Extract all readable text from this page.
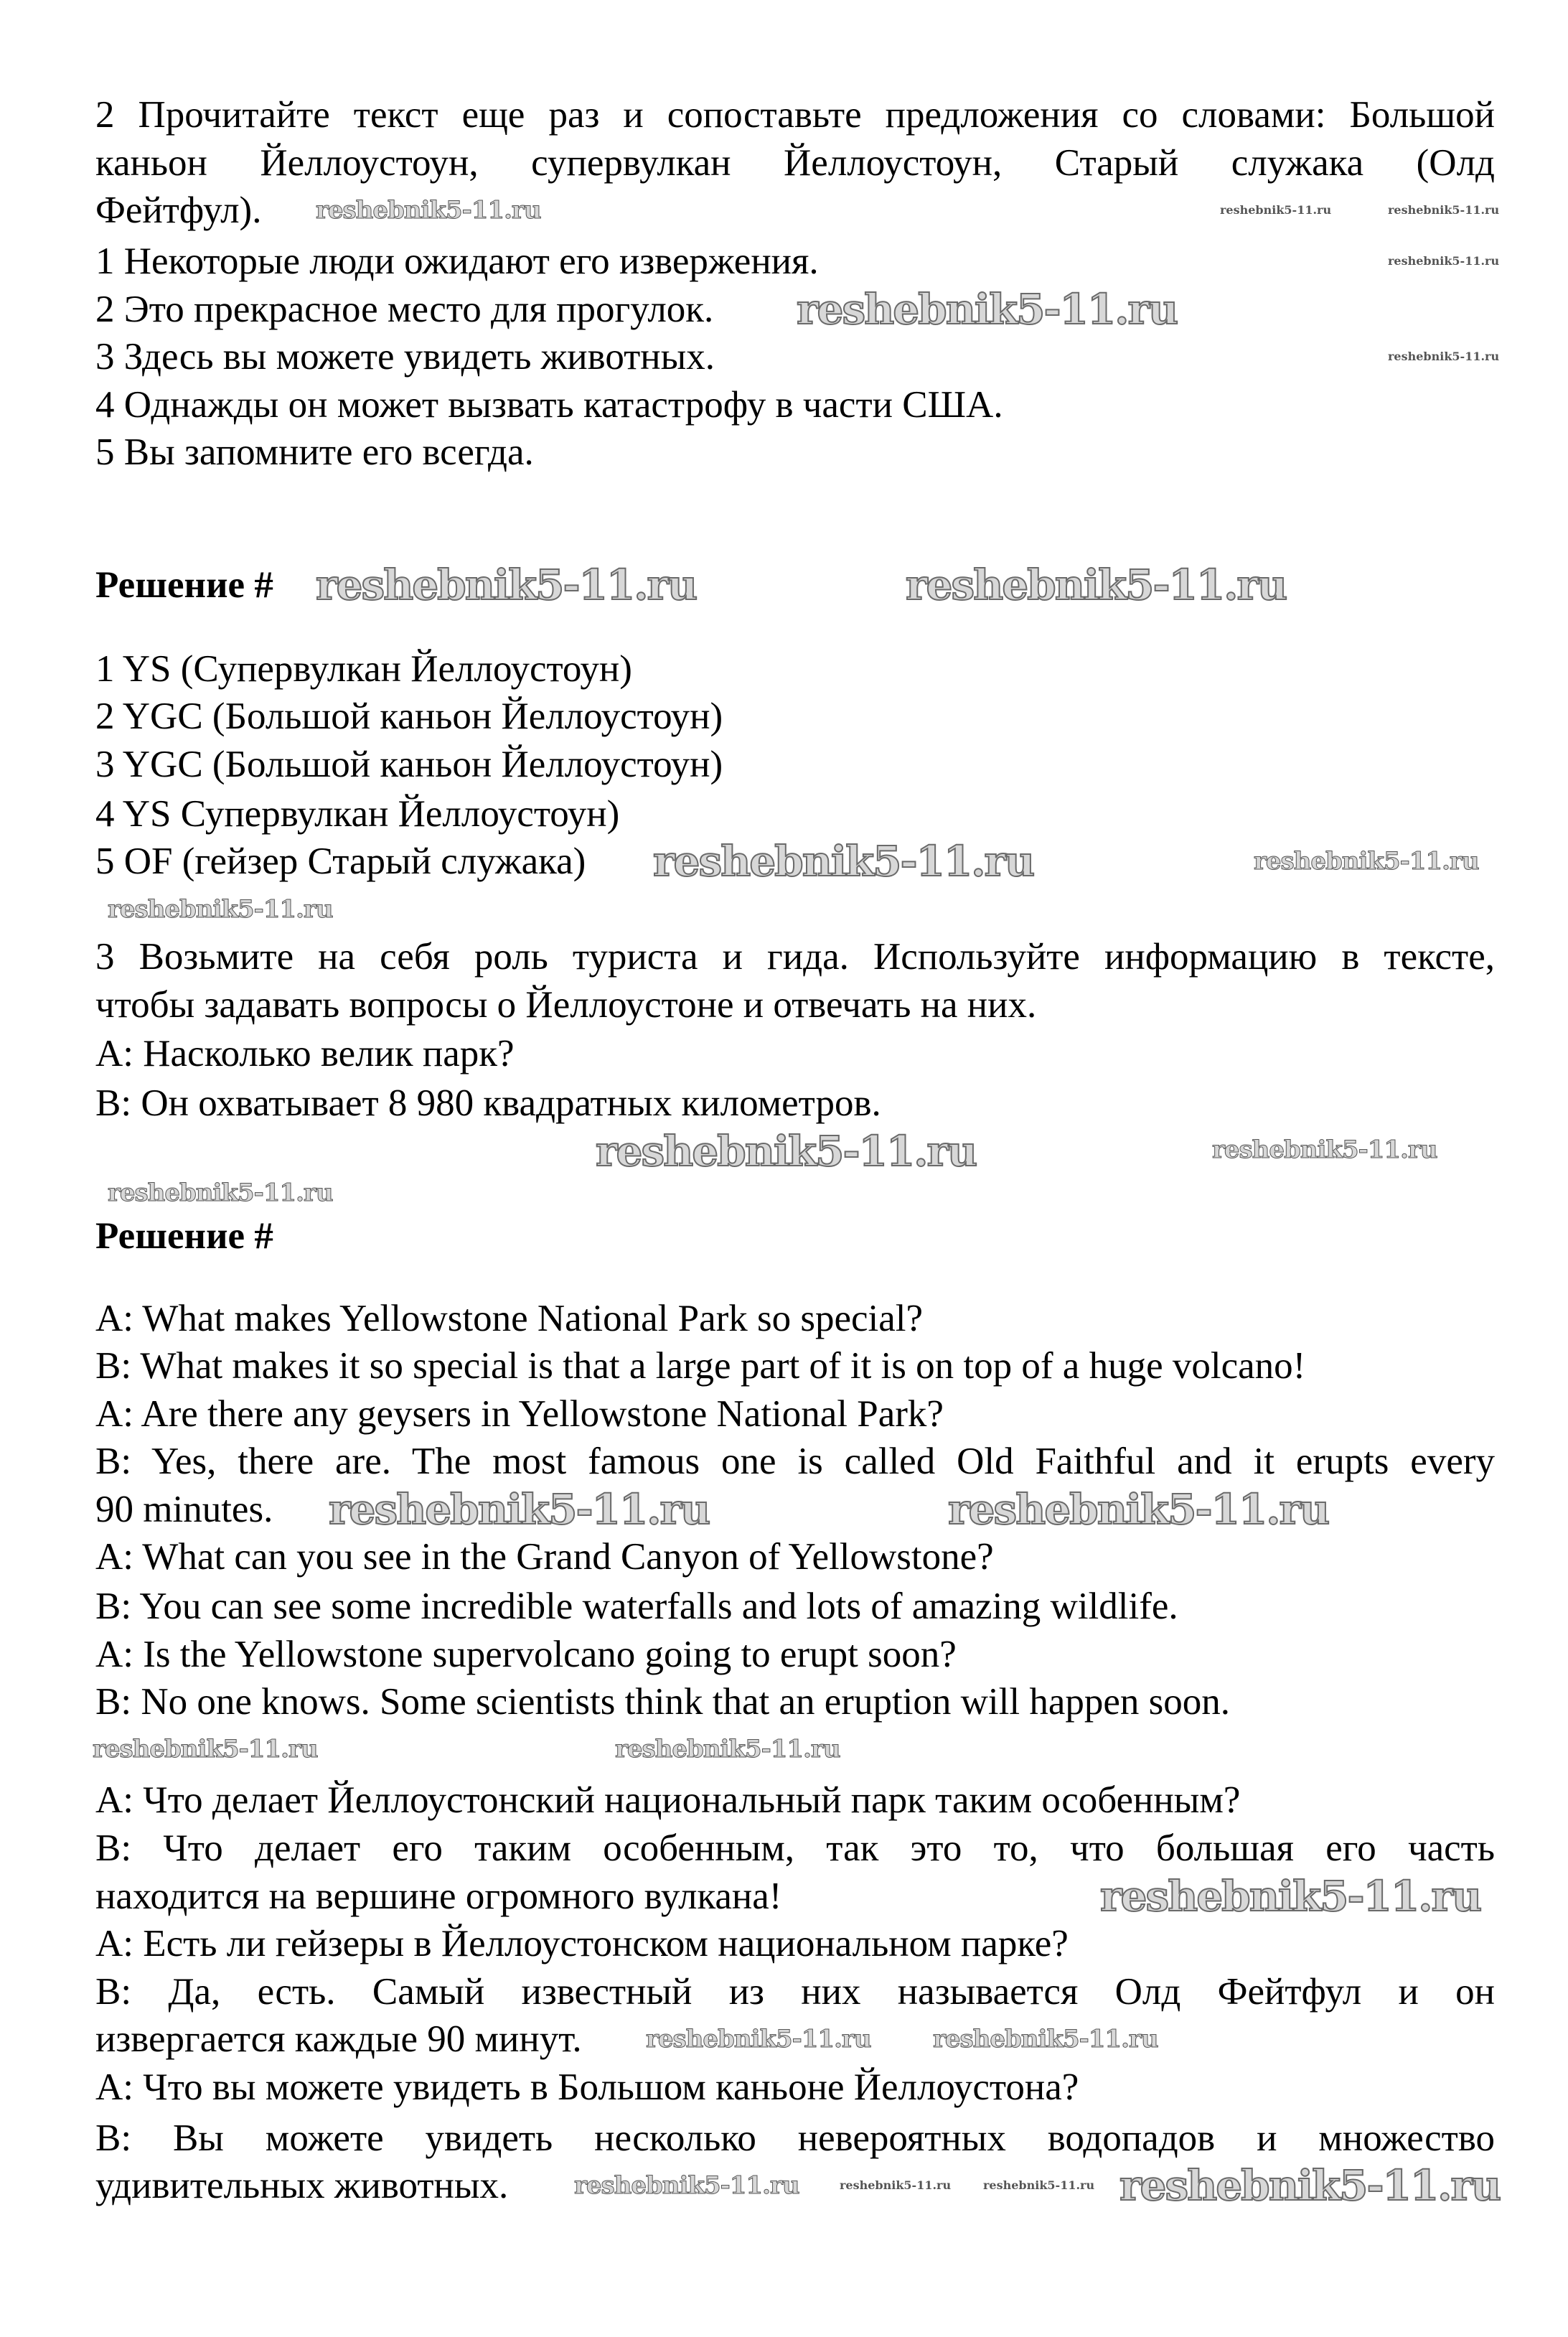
2 Прочитайте текст еще раз и сопоставьте предложения со словами: Большой
каньон Йеллоустоун, супервулкан Йеллоустоун, Старый служака (Олд
Фейтфул).
1 Некоторые люди ожидают его извержения.
2 Это прекрасное место для прогулок.
3 Здесь вы можете увидеть животных.
4 Однажды он может вызвать катастрофу в части США.
5 Вы запомните его всегда.
Решение #
1 YS (Супервулкан Йеллоустоун)
2 YGC (Большой каньон Йеллоустоун)
3 YGC (Большой каньон Йеллоустоун)
4 YS Супервулкан Йеллоустоун)
5 OF (гейзер Старый служака)
3 Возьмите на себя роль туриста и гида. Используйте информацию в тексте,
чтобы задавать вопросы о Йеллоустоне и отвечать на них.
A: Насколько велик парк?
B: Он охватывает 8 980 квадратных километров.
Решение #
A: What makes Yellowstone National Park so special?
B: What makes it so special is that a large part of it is on top of a huge volcano!
A: Are there any geysers in Yellowstone National Park?
B: Yes, there are. The most famous one is called Old Faithful and it erupts every
90 minutes.
A: What can you see in the Grand Canyon of Yellowstone?
B: You can see some incredible waterfalls and lots of amazing wildlife.
A: Is the Yellowstone supervolcano going to erupt soon?
B: No one knows. Some scientists think that an eruption will happen soon.
A: Что делает Йеллоустонский национальный парк таким особенным?
B: Что делает его таким особенным, так это то, что большая его часть
находится на вершине огромного вулкана!
A: Есть ли гейзеры в Йеллоустонском национальном парке?
B: Да, есть. Самый известный из них называется Олд Фейтфул и он
извергается каждые 90 минут.
A: Что вы можете увидеть в Большом каньоне Йеллоустона?
B: Вы можете увидеть несколько невероятных водопадов и множество
удивительных животных.
reshebnik5-11.ru	reshebnik5-11.ru
reshebnik5-11.ru
reshebnik5-11.ru
reshebnik5-11.ru
reshebnik5-11.ru
reshebnik5-11.ru	reshebnik5-11.ru
reshebnik5-11.ru	reshebnik5-11.ru
reshebnik5-11.ru
reshebnik5-11.ru	reshebnik5-11.ru
reshebnik5-11.ru
reshebnik5-11.ru	reshebnik5-11.ru
reshebnik5-11.ru	reshebnik5-11.ru
reshebnik5-11.ru
reshebnik5-11.ru	reshebnik5-11.ru
reshebnik5-11.ru	reshebnik5-11.ru	reshebnik5-11.ru reshebnik5-11.ru
